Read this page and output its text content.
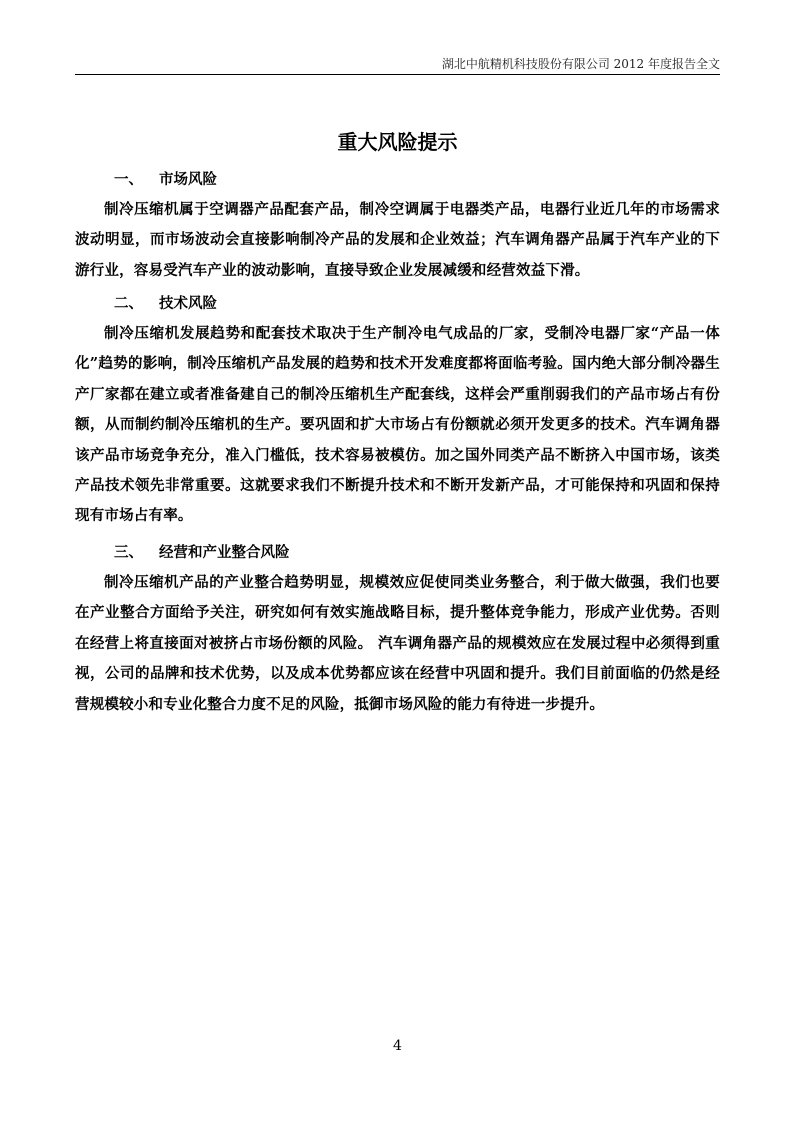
湖北中航精机科技股份有限公司 2012 年度报告全文
重大风险提示

一、 市场风险

制冷压缩机属于空调器产品配套产品，制冷空调属于电器类产品，电器行业近几年的市场需求波动明显，而市场波动会直接影响制冷产品的发展和企业效益；汽车调角器产品属于汽车产业的下游行业，容易受汽车产业的波动影响，直接导致企业发展减缓和经营效益下滑。

二、 技术风险

制冷压缩机发展趋势和配套技术取决于生产制冷电气成品的厂家，受制冷电器厂家“产品一体化”趋势的影响，制冷压缩机产品发展的趋势和技术开发难度都将面临考验。国内绝大部分制冷器生产厂家都在建立或者准备建自己的制冷压缩机生产配套线，这样会严重削弱我们的产品市场占有份额，从而制约制冷压缩机的生产。要巩固和扩大市场占有份额就必须开发更多的技术。汽车调角器该产品市场竞争充分，准入门槛低，技术容易被模仿。加之国外同类产品不断挤入中国市场，该类产品技术领先非常重要。这就要求我们不断提升技术和不断开发新产品，才可能保持和巩固和保持现有市场占有率。

三、 经营和产业整合风险

制冷压缩机产品的产业整合趋势明显，规模效应促使同类业务整合，利于做大做强，我们也要在产业整合方面给予关注，研究如何有效实施战略目标，提升整体竞争能力，形成产业优势。否则在经营上将直接面对被挤占市场份额的风险。 汽车调角器产品的规模效应在发展过程中必须得到重视，公司的品牌和技术优势，以及成本优势都应该在经营中巩固和提升。我们目前面临的仍然是经营规模较小和专业化整合力度不足的风险，抵御市场风险的能力有待进一步提升。

4
